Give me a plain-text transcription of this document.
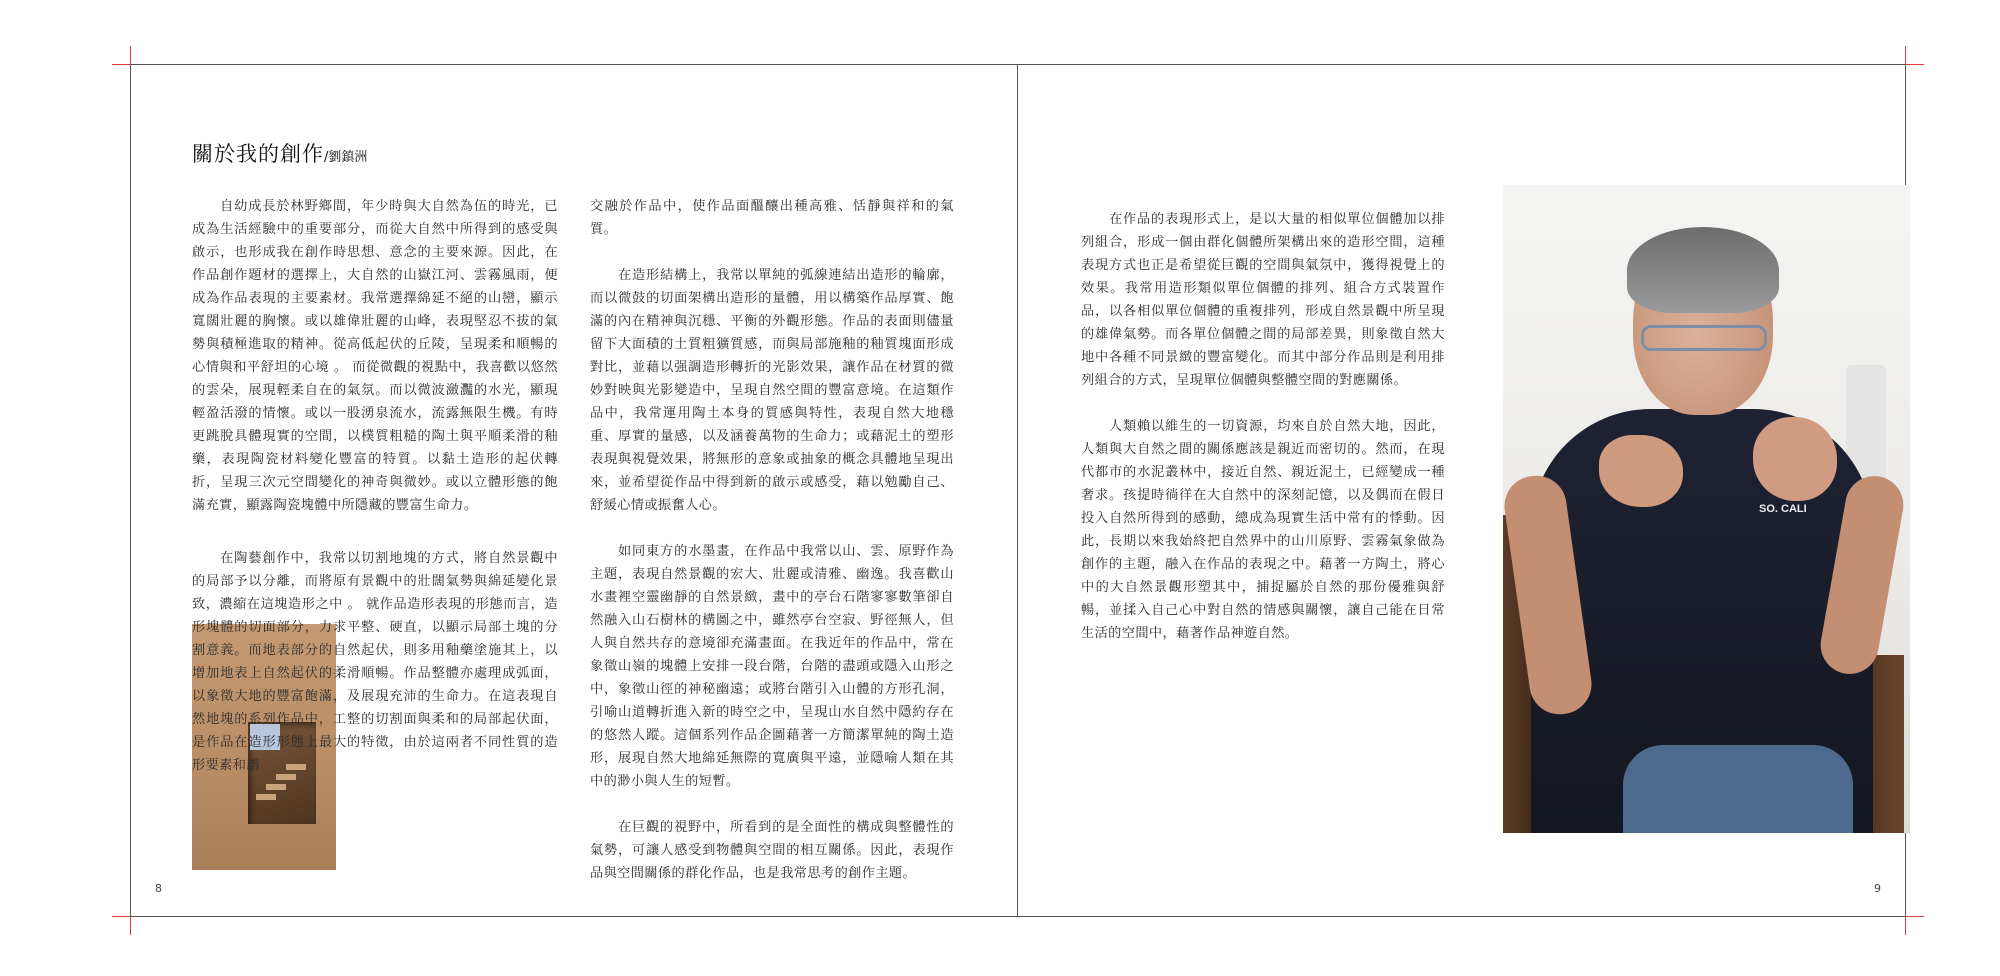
關於我的創作/劉鎮洲

自幼成長於林野鄉間，年少時與大自然為伍的時光，已成為生活經驗中的重要部分，而從大自然中所得到的感受與啟示，也形成我在創作時思想、意念的主要來源。因此，在作品創作題材的選擇上，大自然的山嶽江河、雲霧風雨，便成為作品表現的主要素材。我常選擇綿延不絕的山巒，顯示寬闊壯麗的胸懷。或以雄偉壯麗的山峰，表現堅忍不拔的氣勢與積極進取的精神。從高低起伏的丘陵，呈現柔和順暢的心情與和平舒坦的心境 。 而從微觀的視點中，我喜歡以悠然的雲朵，展現輕柔自在的氣氛。而以微波瀲灩的水光，顯現輕盈活潑的情懷。或以一股湧泉流水，流露無限生機。有時更跳脫具體現實的空間，以樸質粗糙的陶土與平順柔滑的釉藥，表現陶瓷材料變化豐富的特質。以黏土造形的起伏轉折，呈現三次元空間變化的神奇與微妙。或以立體形態的飽滿充實，顯露陶瓷塊體中所隱藏的豐富生命力。

在陶藝創作中，我常以切割地塊的方式，將自然景觀中的局部予以分離，而將原有景觀中的壯闊氣勢與綿延變化景致，濃縮在這塊造形之中 。 就作品造形表現的形態而言，造形塊體的切面部分，力求平整、硬直，以顯示局部土塊的分割意義。而地表部分的自然起伏，則多用釉藥塗施其上，以增加地表上自然起伏的柔滑順暢。作品整體亦處理成弧面，以象徵大地的豐富飽滿，及展現充沛的生命力。在這表現自然地塊的系列作品中，工整的切割面與柔和的局部起伏面，是作品在造形形態上最大的特徵，由於這兩者不同性質的造形要素和諧

交融於作品中，使作品面醞釀出種高雅、恬靜與祥和的氣質。

在造形結構上，我常以單純的弧線連結出造形的輪廓，而以微鼓的切面架構出造形的量體，用以構築作品厚實、飽滿的內在精神與沉穩、平衡的外觀形態。作品的表面則儘量留下大面積的土質粗獷質感，而與局部施釉的釉質塊面形成對比，並藉以强調造形轉折的光影效果，讓作品在材質的微妙對映與光影變造中，呈現自然空間的豐富意境。在這類作品中，我常運用陶土本身的質感與特性，表現自然大地穩重、厚實的量感，以及涵養萬物的生命力；或藉泥土的塑形表現與視覺效果，將無形的意象或抽象的概念具體地呈現出來，並希望從作品中得到新的啟示或感受，藉以勉勵自己、舒緩心情或振奮人心。

如同東方的水墨畫，在作品中我常以山、雲、原野作為主題，表現自然景觀的宏大、壯麗或清雅、幽逸。我喜歡山水畫裡空靈幽靜的自然景緻，畫中的亭台石階寥寥數筆卻自然融入山石樹林的構圖之中，雖然亭台空寂、野徑無人，但人與自然共存的意境卻充滿畫面。在我近年的作品中，常在象徵山嶺的塊體上安排一段台階，台階的盡頭或隱入山形之中，象徵山徑的神秘幽遠；或將台階引入山體的方形孔洞，引喻山道轉折進入新的時空之中，呈現山水自然中隱約存在的悠然人蹤。這個系列作品企圖藉著一方簡潔單純的陶土造形，展現自然大地綿延無際的寬廣與平遠，並隱喻人類在其中的渺小與人生的短暫。

在巨觀的視野中，所看到的是全面性的構成與整體性的氣勢，可讓人感受到物體與空間的相互關係。因此，表現作品與空間關係的群化作品，也是我常思考的創作主題。

8

在作品的表現形式上，是以大量的相似單位個體加以排列組合，形成一個由群化個體所架構出來的造形空間，這種表現方式也正是希望從巨觀的空間與氣氛中，獲得視覺上的效果。我常用造形類似單位個體的排列、組合方式裝置作品，以各相似單位個體的重複排列，形成自然景觀中所呈現的雄偉氣勢。而各單位個體之間的局部差異，則象徵自然大地中各種不同景緻的豐富變化。而其中部分作品則是利用排列組合的方式，呈現單位個體與整體空間的對應關係。

人類賴以維生的一切資源，均來自於自然大地，因此，人類與大自然之間的關係應該是親近而密切的。然而，在現代都市的水泥叢林中，接近自然、親近泥土，已經變成一種奢求。孩提時徜徉在大自然中的深刻記憶，以及偶而在假日投入自然所得到的感動，總成為現實生活中常有的悸動。因此，長期以來我始終把自然界中的山川原野、雲霧氣象做為創作的主題，融入在作品的表現之中。藉著一方陶土，將心中的大自然景觀形塑其中，捕捉屬於自然的那份優雅與舒暢，並揉入自己心中對自然的情感與關懷，讓自己能在日常生活的空間中，藉著作品神遊自然。

SO. CALI
9
